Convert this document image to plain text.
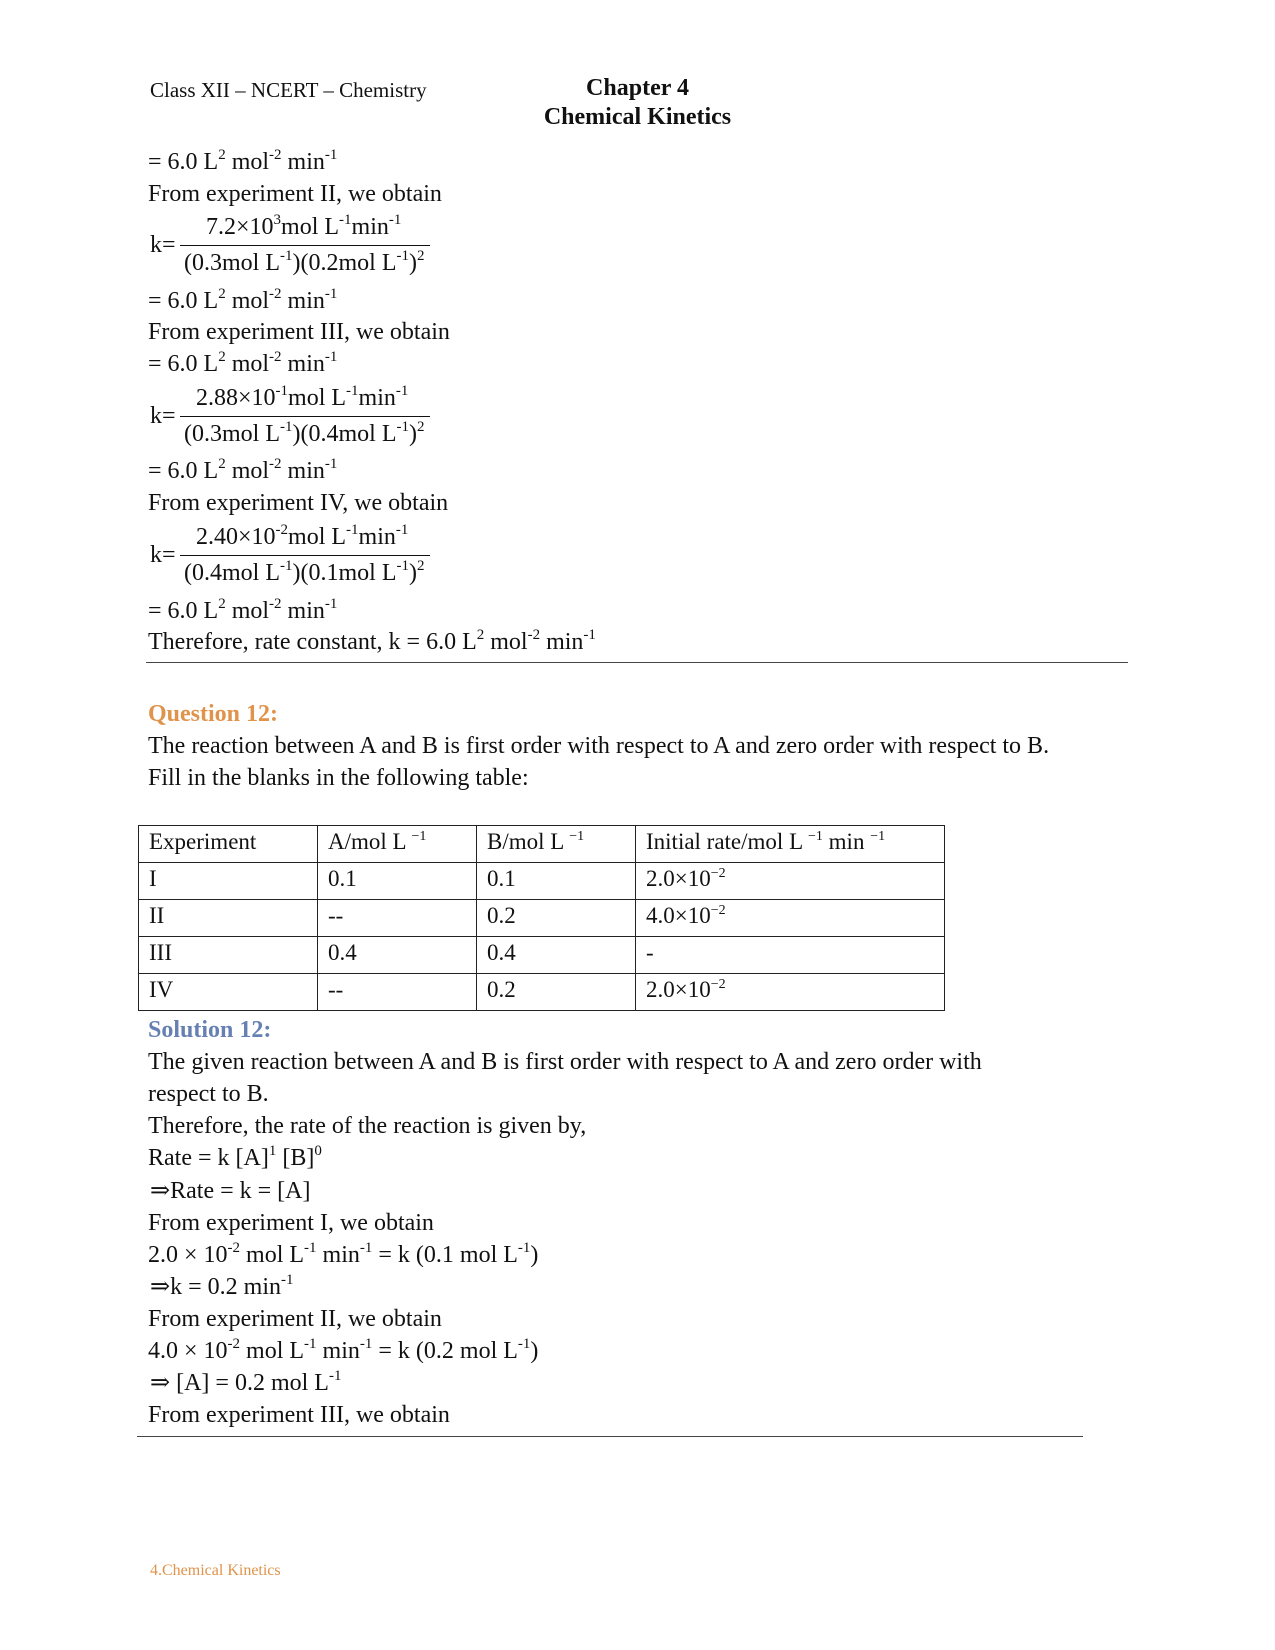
Class XII – NCERT – Chemistry	Chapter 4
Chemical Kinetics
= 6.0 $L^2$ mol$^{-2}$ $\min^{-1}$
From experiment II, we obtain
k=
$7.2\times 10^3mol$ $L^{-1}\min^{-1}$
(0.3mol $L^{-1})(0.2mol$ $L^{-1})^2$
= 6.0 $L^2$ mol$^{-2}$ $\min^{-1}$
From experiment III, we obtain
= 6.0 $L^2$ mol$^{-2}$ $\min^{-1}$
k=
$2.88\times 10^{-1}mol$ $L^{-1}\min^{-1}$
(0.3mol $L^{-1})(0.4mol$ $L^{-1})^2$
= 6.0 $L^2$ mol$^{-2}$ $\min^{-1}$
From experiment IV, we obtain
k=
$2.40\times 10^{-2}mol$ $L^{-1}\min^{-1}$
(0.4mol $L^{-1})(0.1mol$ $L^{-1})^2$
= 6.0 $L^2$ mol$^{-2}$ $\min^{-1}$
Therefore, rate constant, k = 6.0 $L^2$ mol$^{-2}$ $\min^{-1}$
Question 12:
The reaction between A and B is first order with respect to A and zero order with respect to B.
Fill in the blanks in the following table:
Experiment	A/mol L $^{-1}$	B/mol L $^{-1}$	Initial rate/mol L $^{-1}$ min $^{-1}$
I	0.1	0.1	$2.0\times 10^{-2}$
II	--	0.2	$4.0\times 10^{-2}$
III	0.4	0.4	-
IV	--	0.2	$2.0\times 10^{-2}$
Solution 12:
The given reaction between A and B is first order with respect to A and zero order with
respect to B.
Therefore, the rate of the reaction is given by,
Rate = k $[A]^1$ $[B]^0$
⇒Rate = k = [A]
From experiment I, we obtain
$2.0 \times 10^{-2}$ mol $L^{-1}$ $\min^{-1} = k$ (0.1 mol $L^{-1}$)
⇒k = 0.2 $\min^{-1}$
From experiment II, we obtain
$4.0 \times 10^{-2}$ mol $L^{-1}$ $\min^{-1} = k$ (0.2 mol $L^{-1}$)
⇒ [A] = 0.2 mol $L^{-1}$
From experiment III, we obtain
4.Chemical Kinetics
